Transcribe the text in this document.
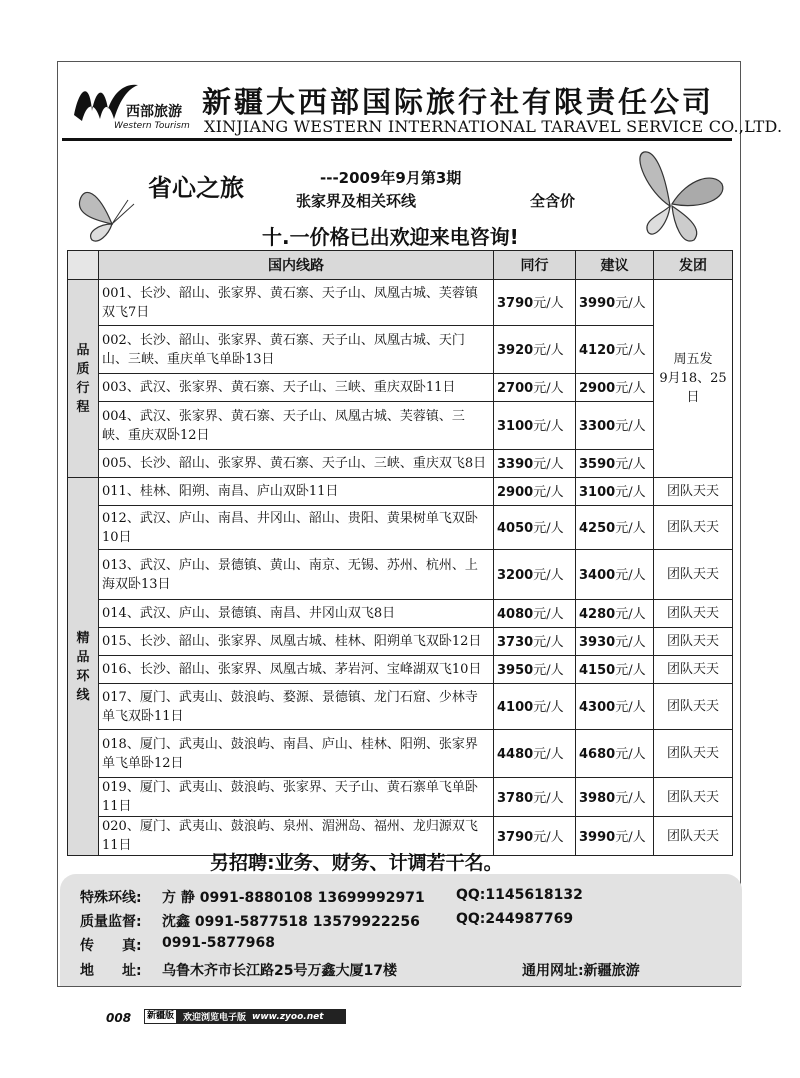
西部旅游
Western Tourism
新疆大西部国际旅行社有限责任公司
XINJIANG WESTERN INTERNATIONAL TARAVEL SERVICE CO.,LTD.
省心之旅	---2009年9月第3期
张家界及相关环线	全含价
十.一价格已出欢迎来电咨询!
	国内线路	同行	建议	发团
品
质
行
程	001、长沙、韶山、张家界、黄石寨、天子山、凤凰古城、芙蓉镇双飞7日	3790元/人	3990元/人	周五发
9月18、25日
	002、长沙、韶山、张家界、黄石寨、天子山、凤凰古城、天门山、三峡、重庆单飞单卧13日	3920元/人	4120元/人	
	003、武汉、张家界、黄石寨、天子山、三峡、重庆双卧11日	2700元/人	2900元/人	
	004、武汉、张家界、黄石寨、天子山、凤凰古城、芙蓉镇、三峡、重庆双卧12日	3100元/人	3300元/人	
	005、长沙、韶山、张家界、黄石寨、天子山、三峡、重庆双飞8日	3390元/人	3590元/人	
精
品
环
线	011、桂林、阳朔、南昌、庐山双卧11日	2900元/人	3100元/人	团队天天
	012、武汉、庐山、南昌、井冈山、韶山、贵阳、黄果树单飞双卧10日	4050元/人	4250元/人	团队天天
	013、武汉、庐山、景德镇、黄山、南京、无锡、苏州、杭州、上海双卧13日	3200元/人	3400元/人	团队天天
	014、武汉、庐山、景德镇、南昌、井冈山双飞8日	4080元/人	4280元/人	团队天天
	015、长沙、韶山、张家界、凤凰古城、桂林、阳朔单飞双卧12日	3730元/人	3930元/人	团队天天
	016、长沙、韶山、张家界、凤凰古城、茅岩河、宝峰湖双飞10日	3950元/人	4150元/人	团队天天
	017、厦门、武夷山、鼓浪屿、婺源、景德镇、龙门石窟、少林寺单飞双卧11日	4100元/人	4300元/人	团队天天
	018、厦门、武夷山、鼓浪屿、南昌、庐山、桂林、阳朔、张家界单飞单卧12日	4480元/人	4680元/人	团队天天
	019、厦门、武夷山、鼓浪屿、张家界、天子山、黄石寨单飞单卧11日	3780元/人	3980元/人	团队天天
	020、厦门、武夷山、鼓浪屿、泉州、湄洲岛、福州、龙归源双飞11日	3790元/人	3990元/人	团队天天
另招聘:业务、财务、计调若干名。
特殊环线: 方 静 0991-8880108 13699992971 QQ:1145618132
质量监督: 沈鑫 0991-5877518 13579922256	QQ:244987769
传　　真: 0991-5877968
地　　址: 乌鲁木齐市长江路25号万鑫大厦17楼	通用网址:新疆旅游
008	新疆版	欢迎浏览电子版 www.zyoo.net
